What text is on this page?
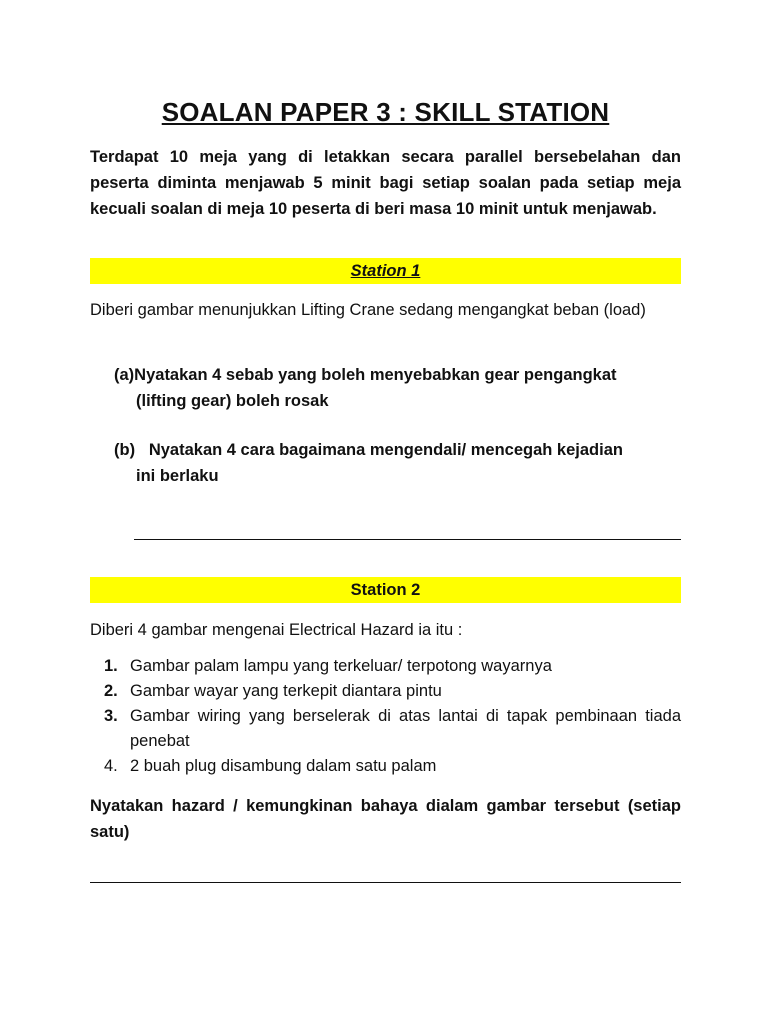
SOALAN PAPER 3 : SKILL STATION
Terdapat 10 meja yang di letakkan secara parallel bersebelahan dan peserta diminta menjawab 5 minit bagi setiap soalan pada setiap meja kecuali soalan di meja 10 peserta di beri masa 10 minit untuk menjawab.
Station 1
Diberi gambar menunjukkan Lifting Crane sedang mengangkat beban (load)
(a)Nyatakan 4 sebab yang boleh menyebabkan gear pengangkat
(lifting gear) boleh rosak
(b) Nyatakan 4 cara bagaimana mengendali/ mencegah kejadian
ini berlaku
Station 2
Diberi 4 gambar mengenai Electrical Hazard ia itu :
1. Gambar palam lampu yang terkeluar/ terpotong wayarnya
2. Gambar wayar yang terkepit diantara pintu
3. Gambar wiring yang berselerak di atas lantai di tapak pembinaan tiada penebat
4. 2 buah plug disambung dalam satu palam
Nyatakan hazard / kemungkinan bahaya dialam gambar tersebut (setiap satu)
